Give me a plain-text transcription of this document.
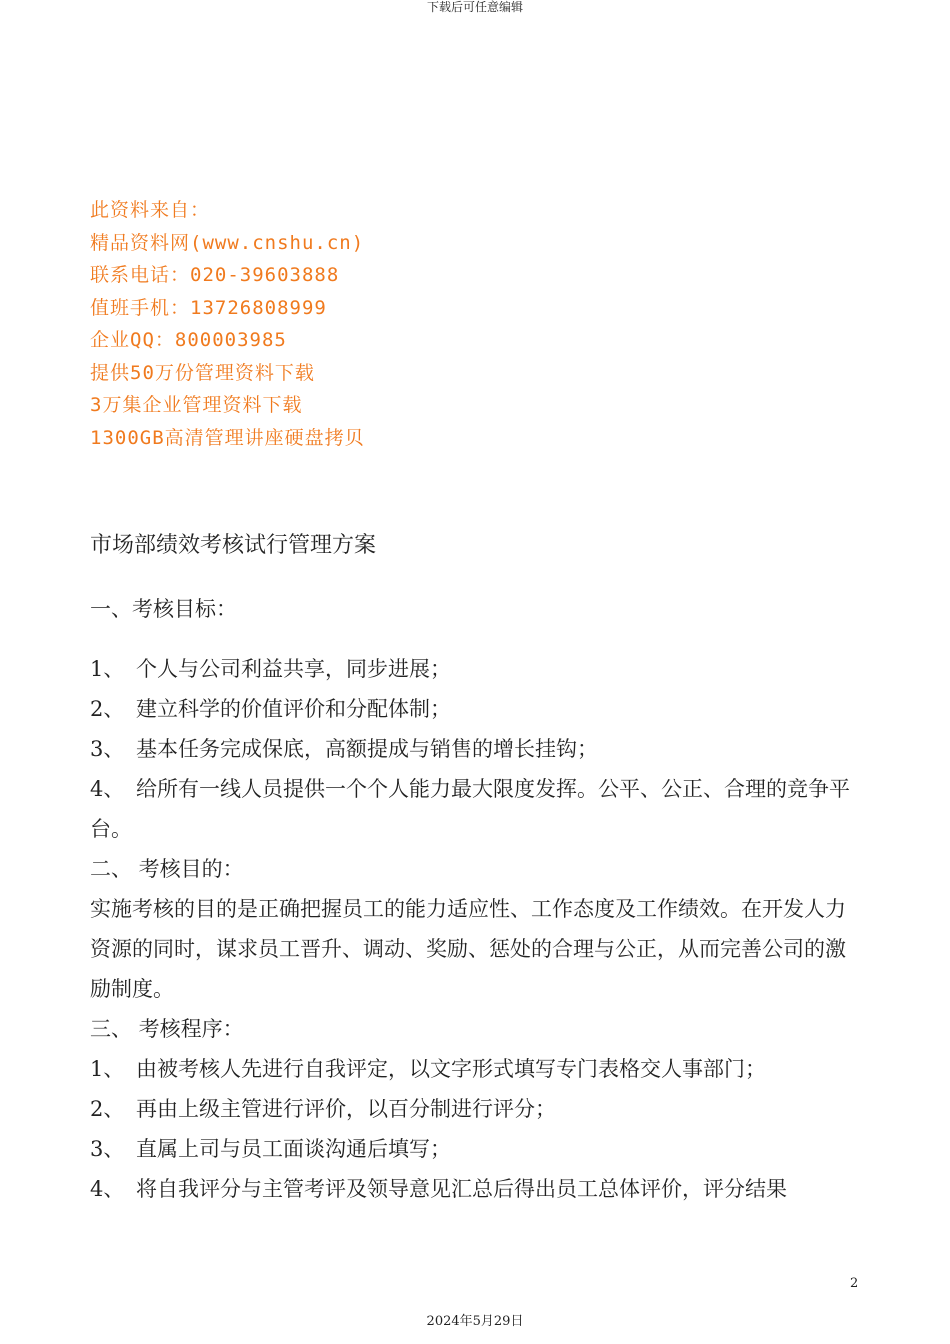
下载后可任意编辑
此资料来自：
精品资料网(www.cnshu.cn)
联系电话：020-39603888
值班手机：13726808999
企业QQ：800003985
提供50万份管理资料下载
3万集企业管理资料下载
1300GB高清管理讲座硬盘拷贝
市场部绩效考核试行管理方案
一、考核目标：
1、 个人与公司利益共享，同步进展；
2、 建立科学的价值评价和分配体制；
3、 基本任务完成保底，高额提成与销售的增长挂钩；
4、 给所有一线人员提供一个个人能力最大限度发挥。公平、公正、合理的竞争平台。
二、 考核目的：
实施考核的目的是正确把握员工的能力适应性、工作态度及工作绩效。在开发人力资源的同时，谋求员工晋升、调动、奖励、惩处的合理与公正，从而完善公司的激励制度。
三、 考核程序：
1、 由被考核人先进行自我评定，以文字形式填写专门表格交人事部门；
2、 再由上级主管进行评价，以百分制进行评分；
3、 直属上司与员工面谈沟通后填写；
4、 将自我评分与主管考评及领导意见汇总后得出员工总体评价，评分结果
2
2024年5月29日
